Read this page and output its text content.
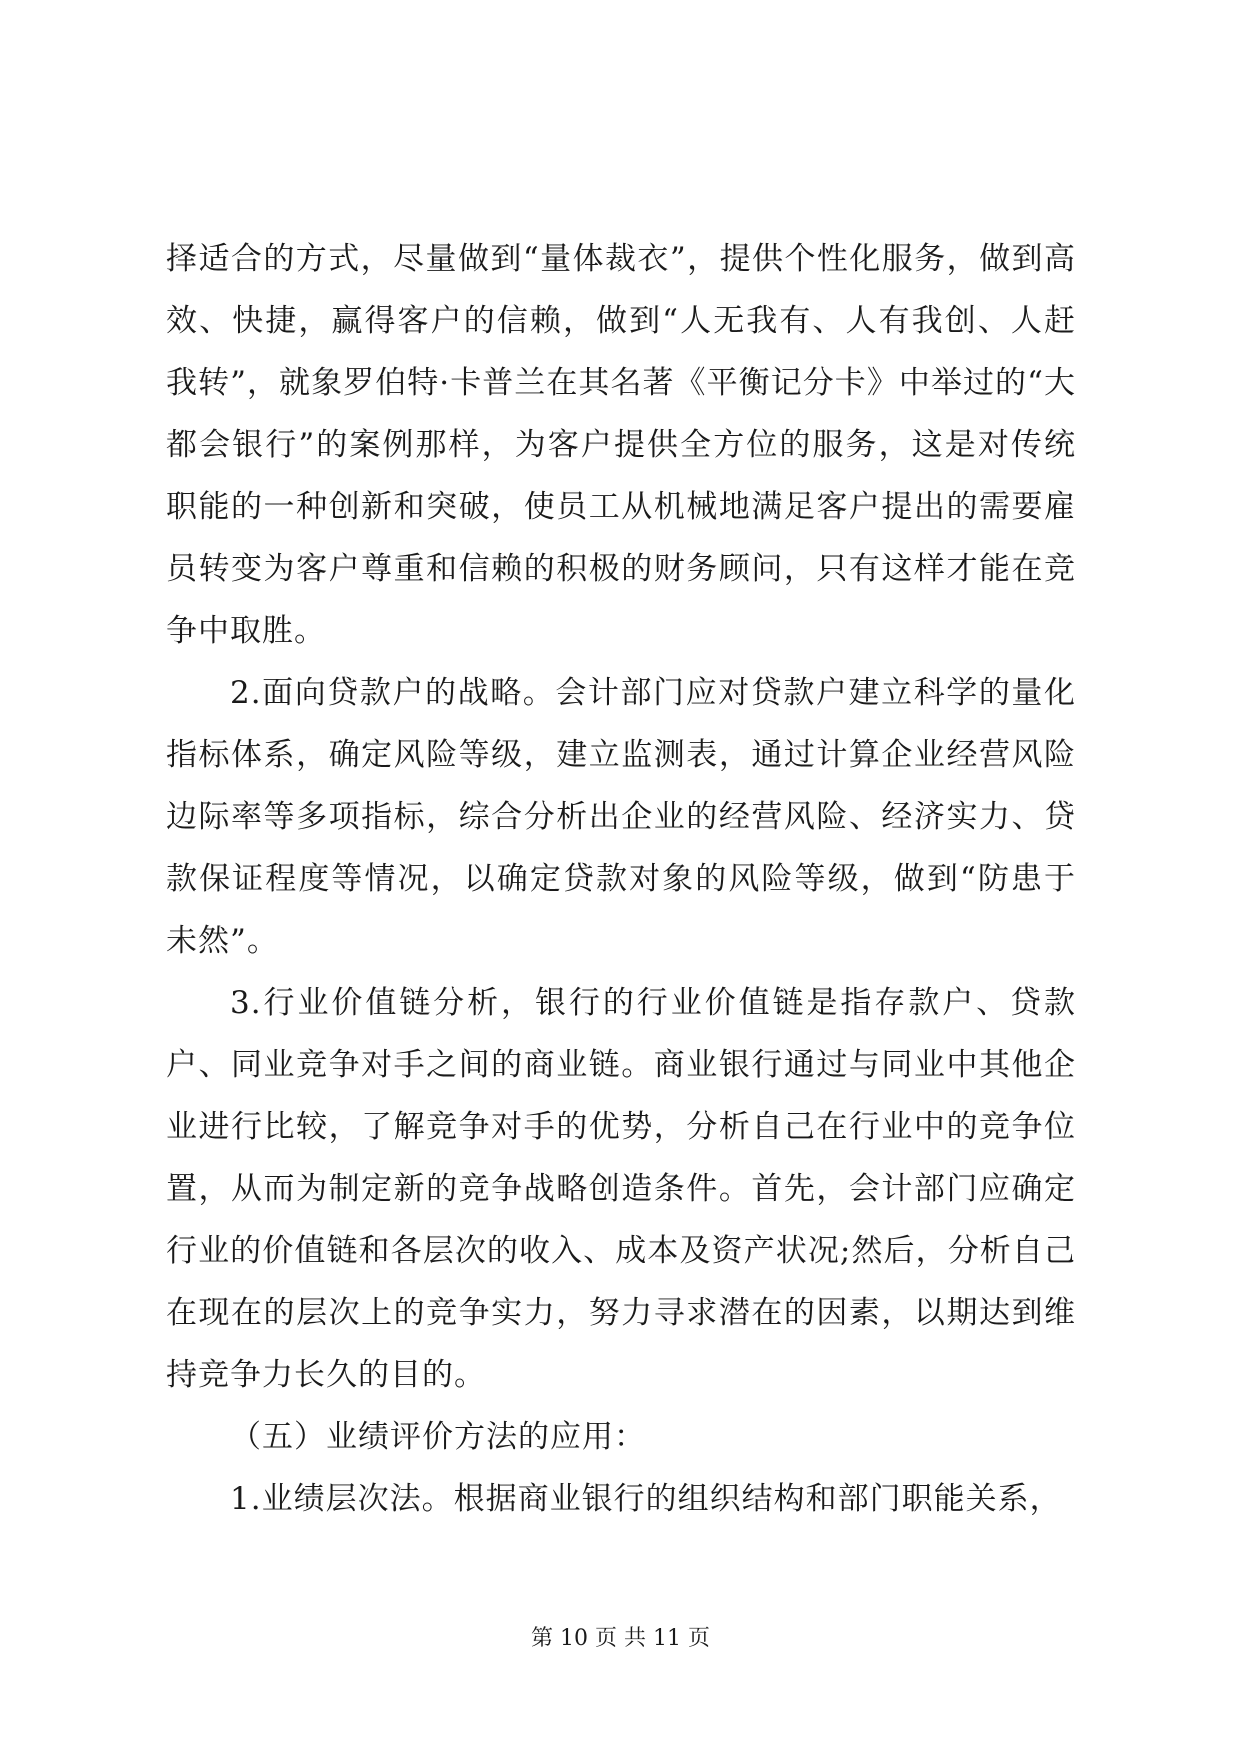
择适合的方式，尽量做到“量体裁衣”，提供个性化服务，做到高效、快捷，赢得客户的信赖，做到“人无我有、人有我创、人赶我转”，就象罗伯特·卡普兰在其名著《平衡记分卡》中举过的“大都会银行”的案例那样，为客户提供全方位的服务，这是对传统职能的一种创新和突破，使员工从机械地满足客户提出的需要雇员转变为客户尊重和信赖的积极的财务顾问，只有这样才能在竞争中取胜。

2.面向贷款户的战略。会计部门应对贷款户建立科学的量化指标体系，确定风险等级，建立监测表，通过计算企业经营风险边际率等多项指标，综合分析出企业的经营风险、经济实力、贷款保证程度等情况，以确定贷款对象的风险等级，做到“防患于未然”。

3.行业价值链分析，银行的行业价值链是指存款户、贷款户、同业竞争对手之间的商业链。商业银行通过与同业中其他企业进行比较，了解竞争对手的优势，分析自己在行业中的竞争位置，从而为制定新的竞争战略创造条件。首先，会计部门应确定行业的价值链和各层次的收入、成本及资产状况;然后，分析自己在现在的层次上的竞争实力，努力寻求潜在的因素，以期达到维持竞争力长久的目的。

（五）业绩评价方法的应用：

1.业绩层次法。根据商业银行的组织结构和部门职能关系，

第 10 页 共 11 页
